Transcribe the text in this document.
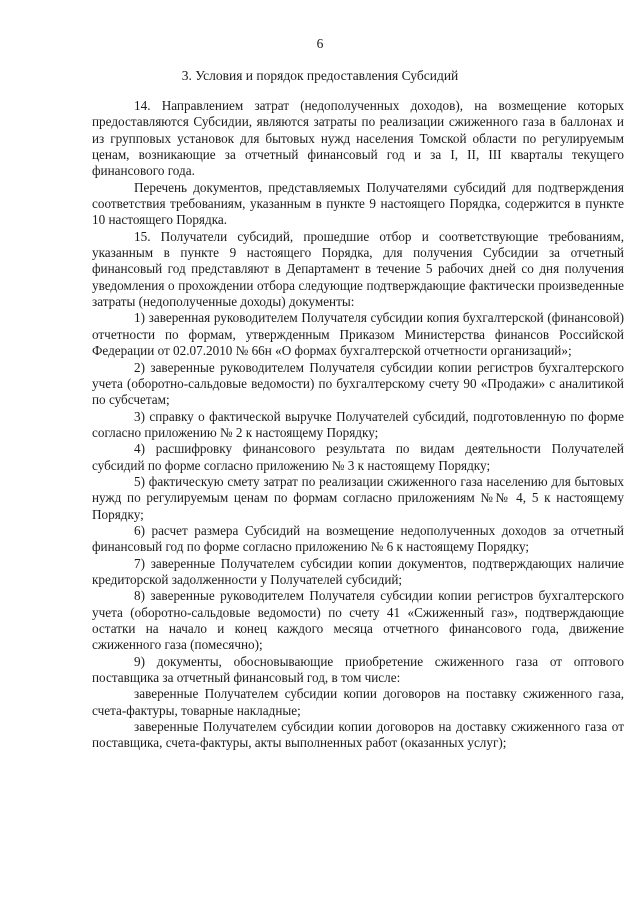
6
3. Условия и порядок предоставления Субсидий

14. Направлением затрат (недополученных доходов), на возмещение которых предоставляются Субсидии, являются затраты по реализации сжиженного газа в баллонах и из групповых установок для бытовых нужд населения Томской области по регулируемым ценам, возникающие за отчетный финансовый год и за I, II, III кварталы текущего финансового года.

Перечень документов, представляемых Получателями субсидий для подтверждения соответствия требованиям, указанным в пункте 9 настоящего Порядка, содержится в пункте 10 настоящего Порядка.

15. Получатели субсидий, прошедшие отбор и соответствующие требованиям, указанным в пункте 9 настоящего Порядка, для получения Субсидии за отчетный финансовый год представляют в Департамент в течение 5 рабочих дней со дня получения уведомления о прохождении отбора следующие подтверждающие фактически произведенные затраты (недополученные доходы) документы:

1) заверенная руководителем Получателя субсидии копия бухгалтерской (финансовой) отчетности по формам, утвержденным Приказом Министерства финансов Российской Федерации от 02.07.2010 № 66н «О формах бухгалтерской отчетности организаций»;

2) заверенные руководителем Получателя субсидии копии регистров бухгалтерского учета (оборотно-сальдовые ведомости) по бухгалтерскому счету 90 «Продажи» с аналитикой по субсчетам;

3) справку о фактической выручке Получателей субсидий, подготовленную по форме согласно приложению № 2 к настоящему Порядку;

4) расшифровку финансового результата по видам деятельности Получателей субсидий по форме согласно приложению № 3 к настоящему Порядку;

5) фактическую смету затрат по реализации сжиженного газа населению для бытовых нужд по регулируемым ценам по формам согласно приложениям №№ 4, 5 к настоящему Порядку;

6) расчет размера Субсидий на возмещение недополученных доходов за отчетный финансовый год по форме согласно приложению № 6 к настоящему Порядку;

7) заверенные Получателем субсидии копии документов, подтверждающих наличие кредиторской задолженности у Получателей субсидий;

8) заверенные руководителем Получателя субсидии копии регистров бухгалтерского учета (оборотно-сальдовые ведомости) по счету 41 «Сжиженный газ», подтверждающие остатки на начало и конец каждого месяца отчетного финансового года, движение сжиженного газа (помесячно);

9) документы, обосновывающие приобретение сжиженного газа от оптового поставщика за отчетный финансовый год, в том числе:

заверенные Получателем субсидии копии договоров на поставку сжиженного газа, счета-фактуры, товарные накладные;

заверенные Получателем субсидии копии договоров на доставку сжиженного газа от поставщика, счета-фактуры, акты выполненных работ (оказанных услуг);
